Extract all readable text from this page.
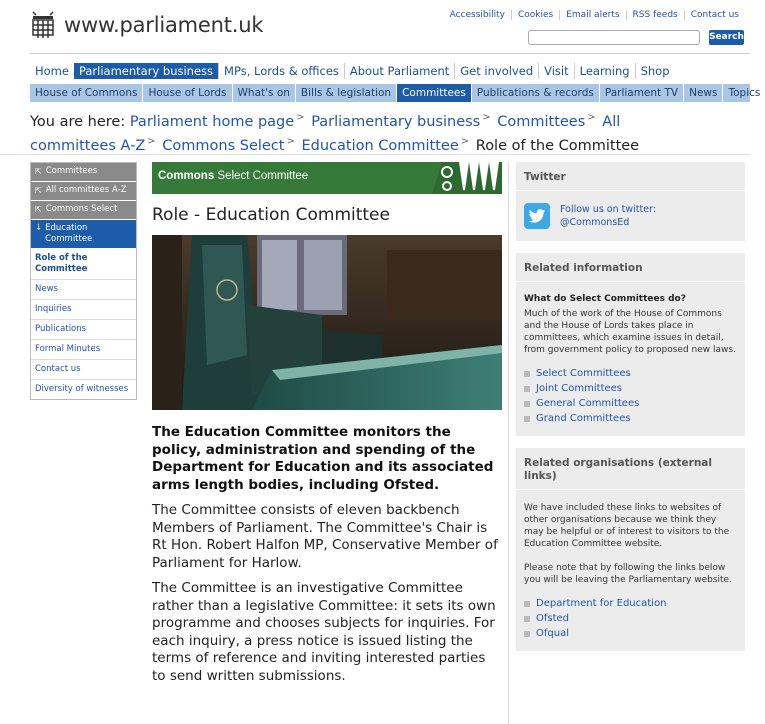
www.parliament.uk	Accessibility	Cookies	Email alerts	RSS feeds	Contact us
Search
Home Parliamentary business MPs, Lords & offices About Parliament Get involved Visit Learning Shop
House of Commons	House of Lords	What's on	Bills & legislation	Committees	Publications & records	Parliament TV	News	Topics
You are here: Parliament home page > Parliamentary business > Committees > All committees A-Z > Commons Select > Education Committee > Role of the Committee
⇱ Committees
⇱ All committees A-Z
⇱ Commons Select
↓ Education Committee
Role of the Committee
News
Inquiries
Publications
Formal Minutes
Contact us
Diversity of witnesses
Commons Select Committee
Role - Education Committee

The Education Committee monitors the policy, administration and spending of the Department for Education and its associated arms length bodies, including Ofsted.

The Committee consists of eleven backbench Members of Parliament. The Committee's Chair is Rt Hon. Robert Halfon MP, Conservative Member of Parliament for Harlow.

The Committee is an investigative Committee rather than a legislative Committee: it sets its own programme and chooses subjects for inquiries. For each inquiry, a press notice is issued listing the terms of reference and inviting interested parties to send written submissions.

Twitter
Follow us on twitter:
@CommonsEd
Related information
What do Select Committees do?
Much of the work of the House of Commons and the House of Lords takes place in committees, which examine issues in detail, from government policy to proposed new laws.
Select Committees
Joint Committees
General Committees
Grand Committees
Related organisations (external links)
We have included these links to websites of other organisations because we think they may be helpful or of interest to visitors to the Education Committee website.
Please note that by following the links below you will be leaving the Parliamentary website.
Department for Education
Ofsted
Ofqual
